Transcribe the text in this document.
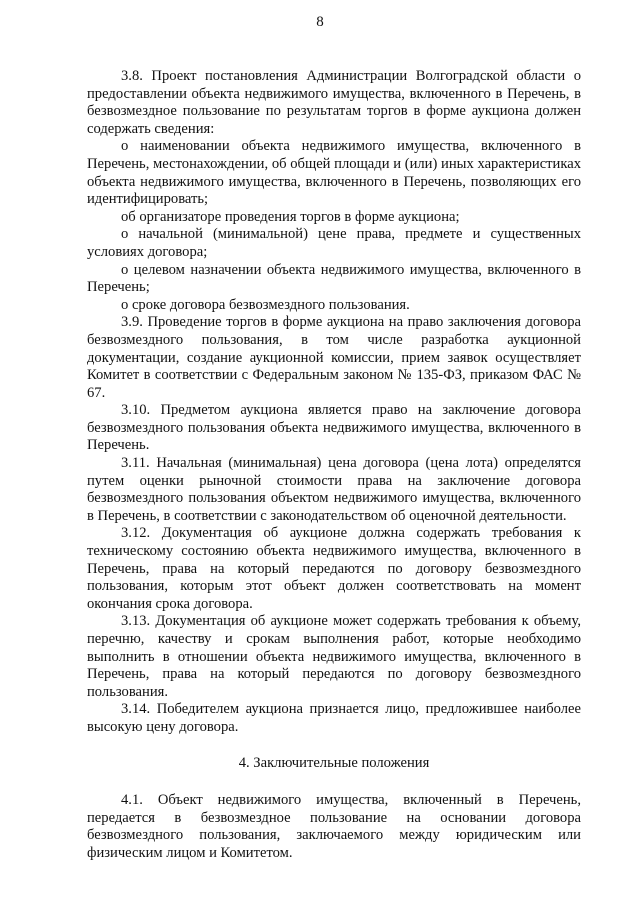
8

3.8. Проект постановления Администрации Волгоградской области о предоставлении объекта недвижимого имущества, включенного в Перечень, в безвозмездное пользование по результатам торгов в форме аукциона должен содержать сведения:

о наименовании объекта недвижимого имущества, включенного в Перечень, местонахождении, об общей площади и (или) иных характеристиках объекта недвижимого имущества, включенного в Перечень, позволяющих его идентифицировать;

об организаторе проведения торгов в форме аукциона;

о начальной (минимальной) цене права, предмете и существенных условиях договора;

о целевом назначении объекта недвижимого имущества, включенного в Перечень;

о сроке договора безвозмездного пользования.

3.9. Проведение торгов в форме аукциона на право заключения договора безвозмездного пользования, в том числе разработка аукционной документации, создание аукционной комиссии, прием заявок осуществляет Комитет в соответствии с Федеральным законом № 135-ФЗ, приказом ФАС № 67.

3.10. Предметом аукциона является право на заключение договора безвозмездного пользования объекта недвижимого имущества, включенного в Перечень.

3.11. Начальная (минимальная) цена договора (цена лота) определятся путем оценки рыночной стоимости права на заключение договора безвозмездного пользования объектом недвижимого имущества, включенного в Перечень, в соответствии с законодательством об оценочной деятельности.

3.12. Документация об аукционе должна содержать требования к техническому состоянию объекта недвижимого имущества, включенного в Перечень, права на который передаются по договору безвозмездного пользования, которым этот объект должен соответствовать на момент окончания срока договора.

3.13. Документация об аукционе может содержать требования к объему, перечню, качеству и срокам выполнения работ, которые необходимо выполнить в отношении объекта недвижимого имущества, включенного в Перечень, права на который передаются по договору безвозмездного пользования.

3.14. Победителем аукциона признается лицо, предложившее наиболее высокую цену договора.

4. Заключительные положения

4.1. Объект недвижимого имущества, включенный в Перечень, передается в безвозмездное пользование на основании договора безвозмездного пользования, заключаемого между юридическим или физическим лицом и Комитетом.
